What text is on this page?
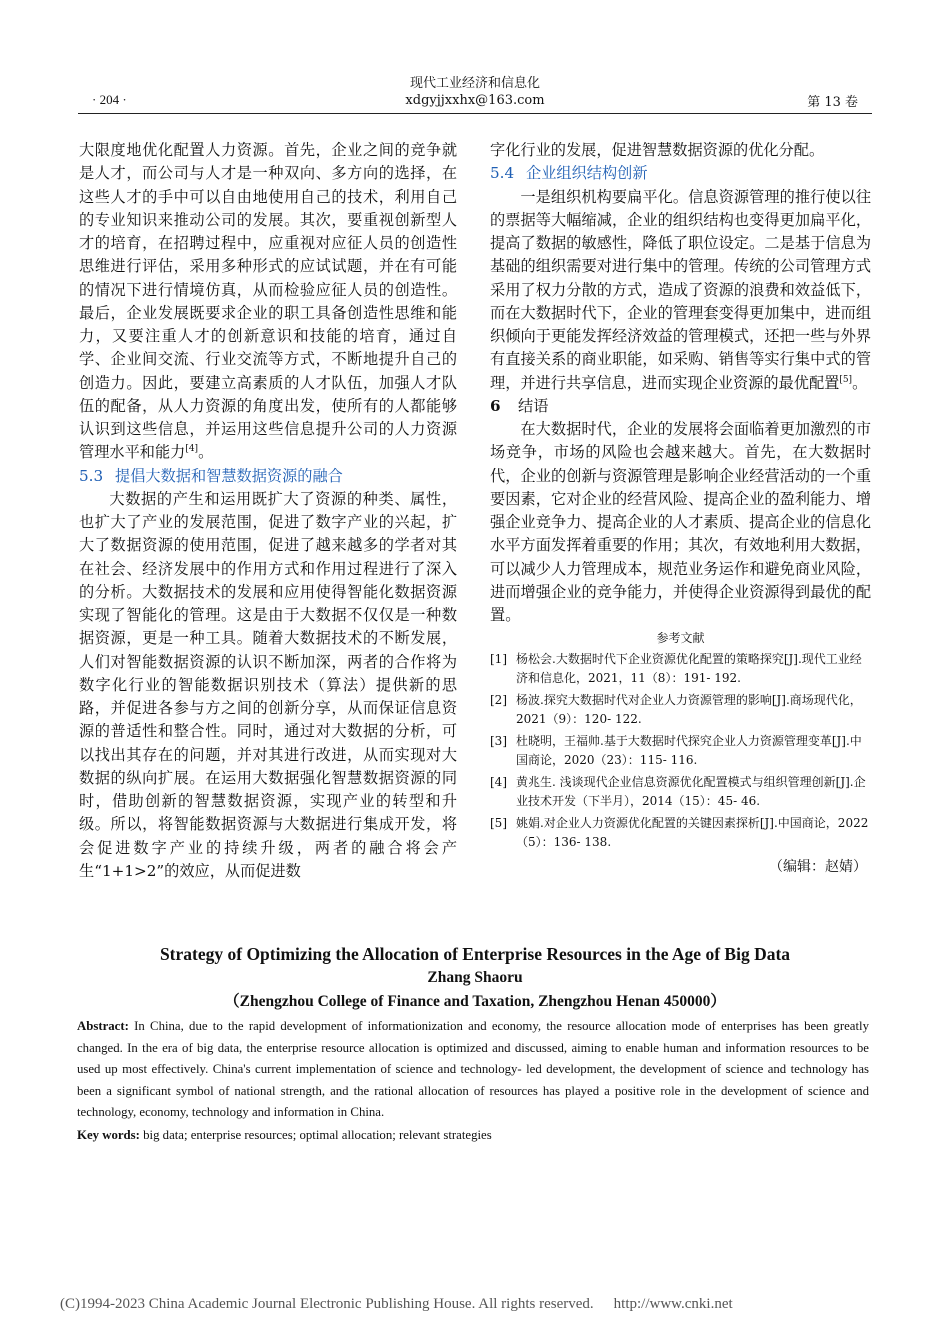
· 204 ·
现代工业经济和信息化
xdgyjjxxhx@163.com	第 13 卷

大限度地优化配置人力资源。首先，企业之间的竞争就是人才，而公司与人才是一种双向、多方向的选择，在这些人才的手中可以自由地使用自己的技术，利用自己的专业知识来推动公司的发展。其次，要重视创新型人才的培育，在招聘过程中，应重视对应征人员的创造性思维进行评估，采用多种形式的应试试题，并在有可能的情况下进行情境仿真，从而检验应征人员的创造性。最后，企业发展既要求企业的职工具备创造性思维和能力，又要注重人才的创新意识和技能的培育，通过自学、企业间交流、行业交流等方式，不断地提升自己的创造力。因此，要建立高素质的人才队伍，加强人才队伍的配备，从人力资源的角度出发，使所有的人都能够认识到这些信息，并运用这些信息提升公司的人力资源管理水平和能力[4]。

5.3 提倡大数据和智慧数据资源的融合

大数据的产生和运用既扩大了资源的种类、属性，也扩大了产业的发展范围，促进了数字产业的兴起，扩大了数据资源的使用范围，促进了越来越多的学者对其在社会、经济发展中的作用方式和作用过程进行了深入的分析。大数据技术的发展和应用使得智能化数据资源实现了智能化的管理。这是由于大数据不仅仅是一种数据资源，更是一种工具。随着大数据技术的不断发展，人们对智能数据资源的认识不断加深，两者的合作将为数字化行业的智能数据识别技术（算法）提供新的思路，并促进各参与方之间的创新分享，从而保证信息资源的普适性和整合性。同时，通过对大数据的分析，可以找出其存在的问题，并对其进行改进，从而实现对大数据的纵向扩展。在运用大数据强化智慧数据资源的同时，借助创新的智慧数据资源，实现产业的转型和升级。所以，将智能数据资源与大数据进行集成开发，将会促进数字产业的持续升级，两者的融合将会产生“1+1>2”的效应，从而促进数

字化行业的发展，促进智慧数据资源的优化分配。

5.4 企业组织结构创新

一是组织机构要扁平化。信息资源管理的推行使以往的票据等大幅缩减，企业的组织结构也变得更加扁平化，提高了数据的敏感性，降低了职位设定。二是基于信息为基础的组织需要对进行集中的管理。传统的公司管理方式采用了权力分散的方式，造成了资源的浪费和效益低下，而在大数据时代下，企业的管理套变得更加集中，进而组织倾向于更能发挥经济效益的管理模式，还把一些与外界有直接关系的商业职能，如采购、销售等实行集中式的管理，并进行共享信息，进而实现企业资源的最优配置[5]。

6 结语

在大数据时代，企业的发展将会面临着更加激烈的市场竞争，市场的风险也会越来越大。首先，在大数据时代，企业的创新与资源管理是影响企业经营活动的一个重要因素，它对企业的经营风险、提高企业的盈利能力、增强企业竞争力、提高企业的人才素质、提高企业的信息化水平方面发挥着重要的作用；其次，有效地利用大数据，可以减少人力管理成本，规范业务运作和避免商业风险，进而增强企业的竞争能力，并使得企业资源得到最优的配置。

参考文献
[1] 杨松会.大数据时代下企业资源优化配置的策略探究[J].现代工业经济和信息化，2021，11（8）：191- 192.
[2] 杨波.探究大数据时代对企业人力资源管理的影响[J].商场现代化，2021（9）：120- 122.
[3] 杜晓明，王福帅.基于大数据时代探究企业人力资源管理变革[J].中国商论，2020（23）：115- 116.
[4] 黄兆生. 浅谈现代企业信息资源优化配置模式与组织管理创新[J].企业技术开发（下半月），2014（15）：45- 46.
[5] 姚娟.对企业人力资源优化配置的关键因素探析[J].中国商论，2022（5）：136- 138.
（编辑：赵婧）
Strategy of Optimizing the Allocation of Enterprise Resources in the Age of Big Data
Zhang Shaoru
（Zhengzhou College of Finance and Taxation, Zhengzhou Henan 450000）
Abstract: In China, due to the rapid development of informationization and economy, the resource allocation mode of enterprises has been greatly changed. In the era of big data, the enterprise resource allocation is optimized and discussed, aiming to enable human and information resources to be used up most effectively. China's current implementation of science and technology- led development, the development of science and technology has been a significant symbol of national strength, and the rational allocation of resources has played a positive role in the development of science and technology, economy, technology and information in China.
Key words: big data; enterprise resources; optimal allocation; relevant strategies
(C)1994-2023 China Academic Journal Electronic Publishing House. All rights reserved. http://www.cnki.net
